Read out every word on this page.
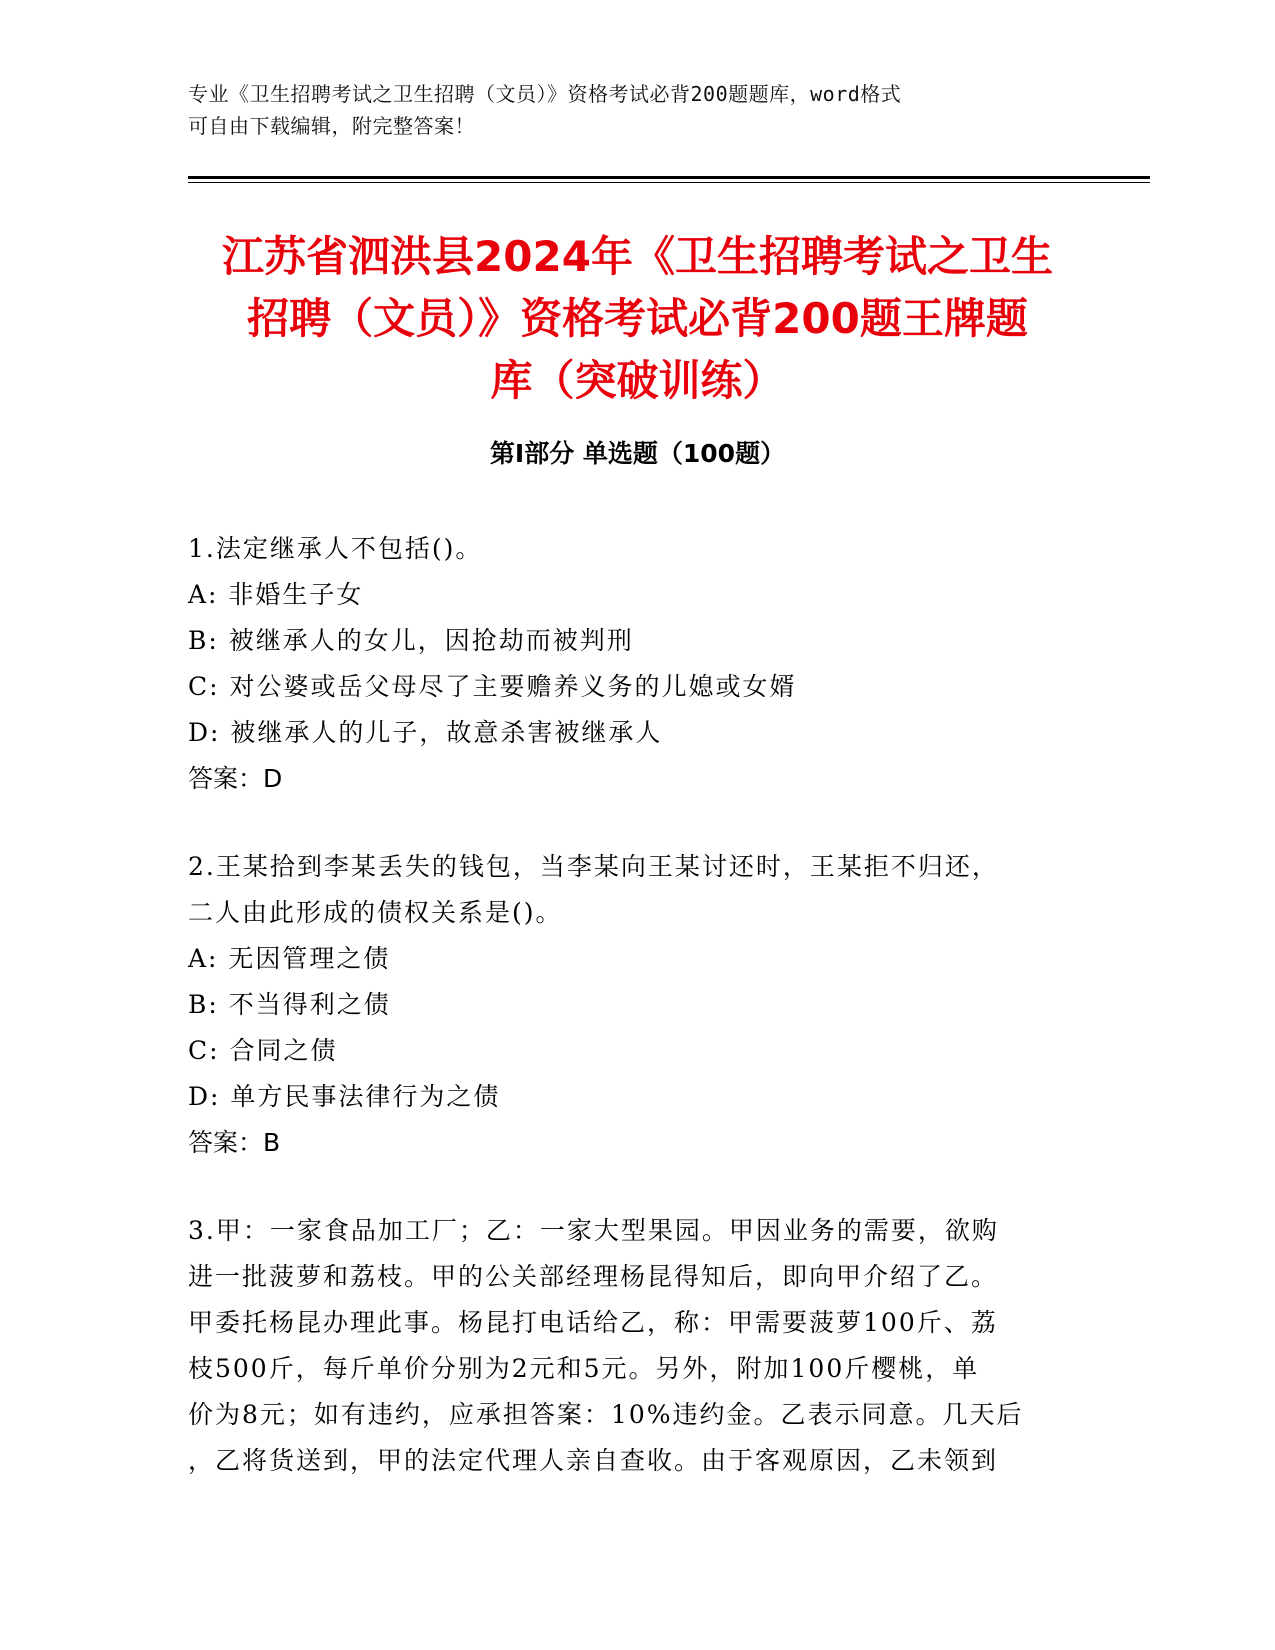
专业《卫生招聘考试之卫生招聘（文员）》资格考试必背200题题库，word格式
可自由下载编辑，附完整答案！
江苏省泗洪县2024年《卫生招聘考试之卫生
招聘（文员）》资格考试必背200题王牌题
库（突破训练）
第Ⅰ部分 单选题（100题）
1.法定继承人不包括()。
A: 非婚生子女
B: 被继承人的女儿，因抢劫而被判刑
C: 对公婆或岳父母尽了主要赡养义务的儿媳或女婿
D: 被继承人的儿子，故意杀害被继承人
答案：D
2.王某拾到李某丢失的钱包，当李某向王某讨还时，王某拒不归还，
二人由此形成的债权关系是()。
A: 无因管理之债
B: 不当得利之债
C: 合同之债
D: 单方民事法律行为之债
答案：B
3.甲：一家食品加工厂；乙：一家大型果园。甲因业务的需要，欲购
进一批菠萝和荔枝。甲的公关部经理杨昆得知后，即向甲介绍了乙。
甲委托杨昆办理此事。杨昆打电话给乙，称：甲需要菠萝100斤、荔
枝500斤，每斤单价分别为2元和5元。另外，附加100斤樱桃，单
价为8元；如有违约，应承担答案：10%违约金。乙表示同意。几天后
，乙将货送到，甲的法定代理人亲自查收。由于客观原因，乙未领到
